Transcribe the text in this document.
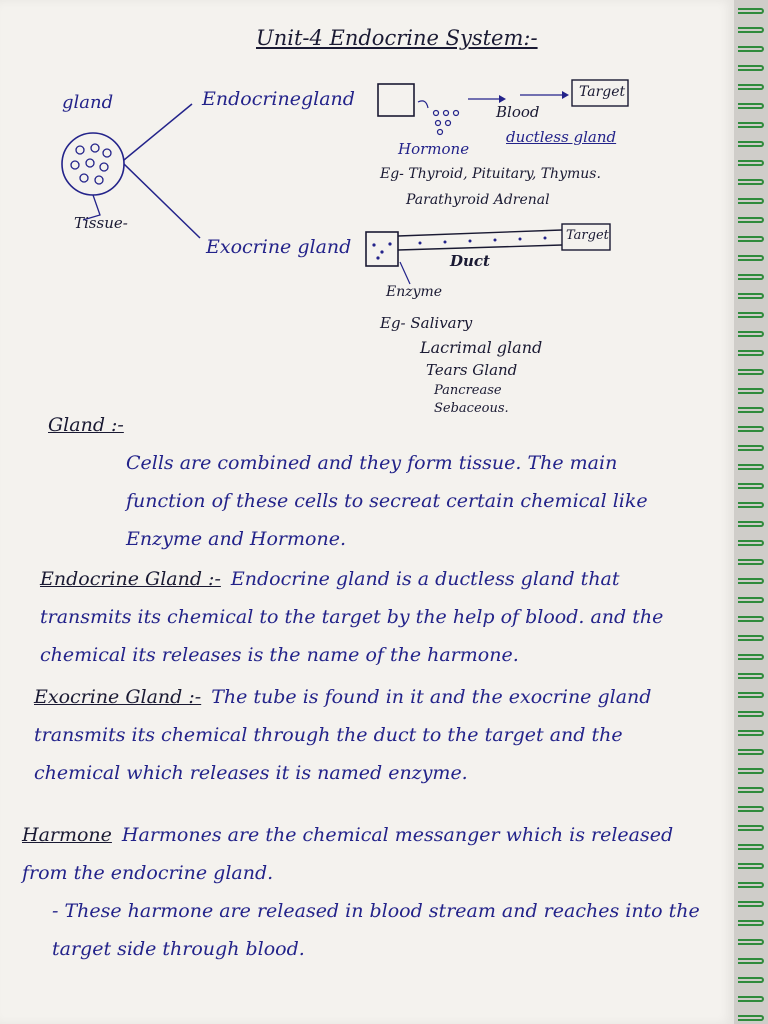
Unit-4 Endocrine System:-
gland
Tissue-
Endocrinegland
Blood
Target
Hormone
ductless gland
Eg- Thyroid, Pituitary, Thymus.
Parathyroid Adrenal
Exocrine gland
Target
Duct
Enzyme
Eg- Salivary
Lacrimal gland
Tears Gland
Pancrease
Sebaceous.
Gland :-
Cells are combined and they form tissue. The main function of these cells to secreat certain chemical like Enzyme and Hormone.
Endocrine Gland :- Endocrine gland is a ductless gland that transmits its chemical to the target by the help of blood. and the chemical its releases is the name of the harmone.
Exocrine Gland :- The tube is found in it and the exocrine gland transmits its chemical through the duct to the target and the chemical which releases it is named enzyme.
Harmone Harmones are the chemical messanger which is released from the endocrine gland.
- These harmone are released in blood stream and reaches into the target side through blood.
